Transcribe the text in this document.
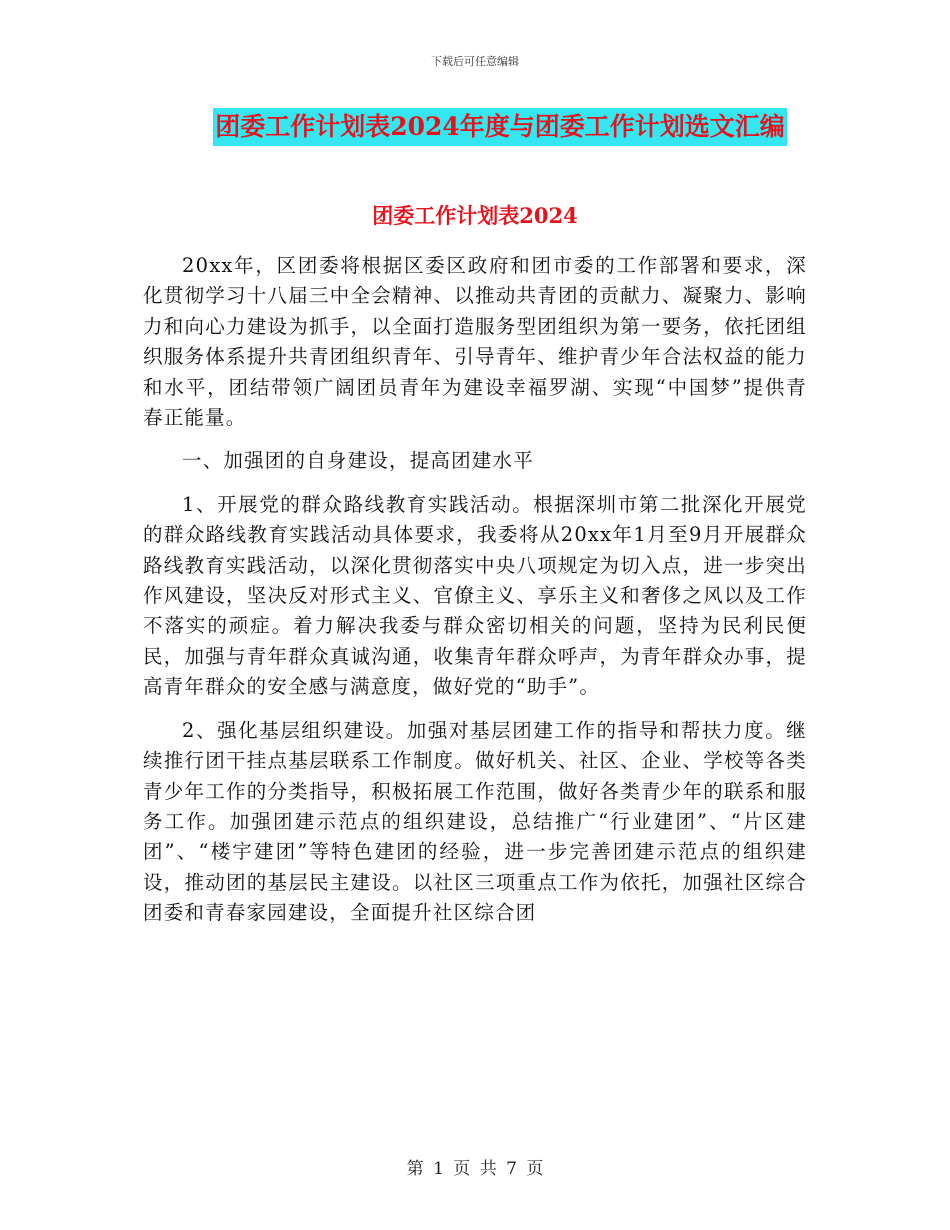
下载后可任意编辑
团委工作计划表2024年度与团委工作计划选文汇编
团委工作计划表2024

20xx年，区团委将根据区委区政府和团市委的工作部署和要求，深化贯彻学习十八届三中全会精神、以推动共青团的贡献力、凝聚力、影响力和向心力建设为抓手，以全面打造服务型团组织为第一要务，依托团组织服务体系提升共青团组织青年、引导青年、维护青少年合法权益的能力和水平，团结带领广阔团员青年为建设幸福罗湖、实现“中国梦”提供青春正能量。

一、加强团的自身建设，提高团建水平

1、开展党的群众路线教育实践活动。根据深圳市第二批深化开展党的群众路线教育实践活动具体要求，我委将从20xx年1月至9月开展群众路线教育实践活动，以深化贯彻落实中央八项规定为切入点，进一步突出作风建设，坚决反对形式主义、官僚主义、享乐主义和奢侈之风以及工作不落实的顽症。着力解决我委与群众密切相关的问题，坚持为民利民便民，加强与青年群众真诚沟通，收集青年群众呼声，为青年群众办事，提高青年群众的安全感与满意度，做好党的“助手”。

2、强化基层组织建设。加强对基层团建工作的指导和帮扶力度。继续推行团干挂点基层联系工作制度。做好机关、社区、企业、学校等各类青少年工作的分类指导，积极拓展工作范围，做好各类青少年的联系和服务工作。加强团建示范点的组织建设，总结推广“行业建团”、“片区建团”、“楼宇建团”等特色建团的经验，进一步完善团建示范点的组织建设，推动团的基层民主建设。以社区三项重点工作为依托，加强社区综合团委和青春家园建设，全面提升社区综合团

第 1 页 共 7 页
